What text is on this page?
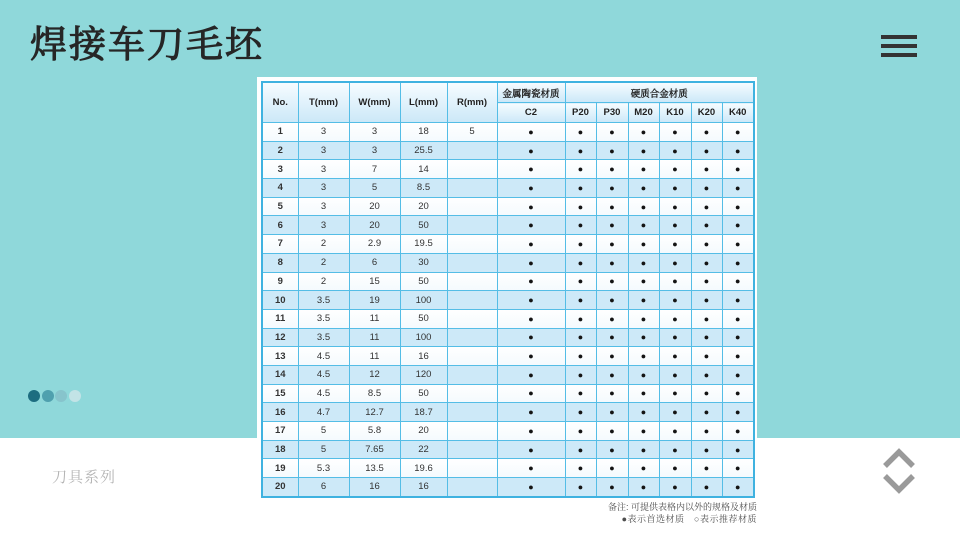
焊接车刀毛坯
No.	T(mm)	W(mm)	L(mm)	R(mm)	金属陶瓷材质	硬质合金材质					
					C2	P20	P30	M20	K10	K20	K40
1	3	3	18	5	●	●	●	●	●	●	●
2	3	3	25.5		●	●	●	●	●	●	●
3	3	7	14		●	●	●	●	●	●	●
4	3	5	8.5		●	●	●	●	●	●	●
5	3	20	20		●	●	●	●	●	●	●
6	3	20	50		●	●	●	●	●	●	●
7	2	2.9	19.5		●	●	●	●	●	●	●
8	2	6	30		●	●	●	●	●	●	●
9	2	15	50		●	●	●	●	●	●	●
10	3.5	19	100		●	●	●	●	●	●	●
11	3.5	11	50		●	●	●	●	●	●	●
12	3.5	11	100		●	●	●	●	●	●	●
13	4.5	11	16		●	●	●	●	●	●	●
14	4.5	12	120		●	●	●	●	●	●	●
15	4.5	8.5	50		●	●	●	●	●	●	●
16	4.7	12.7	18.7		●	●	●	●	●	●	●
17	5	5.8	20		●	●	●	●	●	●	●
18	5	7.65	22		●	●	●	●	●	●	●
19	5.3	13.5	19.6		●	●	●	●	●	●	●
20	6	16	16		●	●	●	●	●	●	●
备注: 可提供表格内以外的规格及材质
●表示首选材质　○表示推荐材质
刀具系列
